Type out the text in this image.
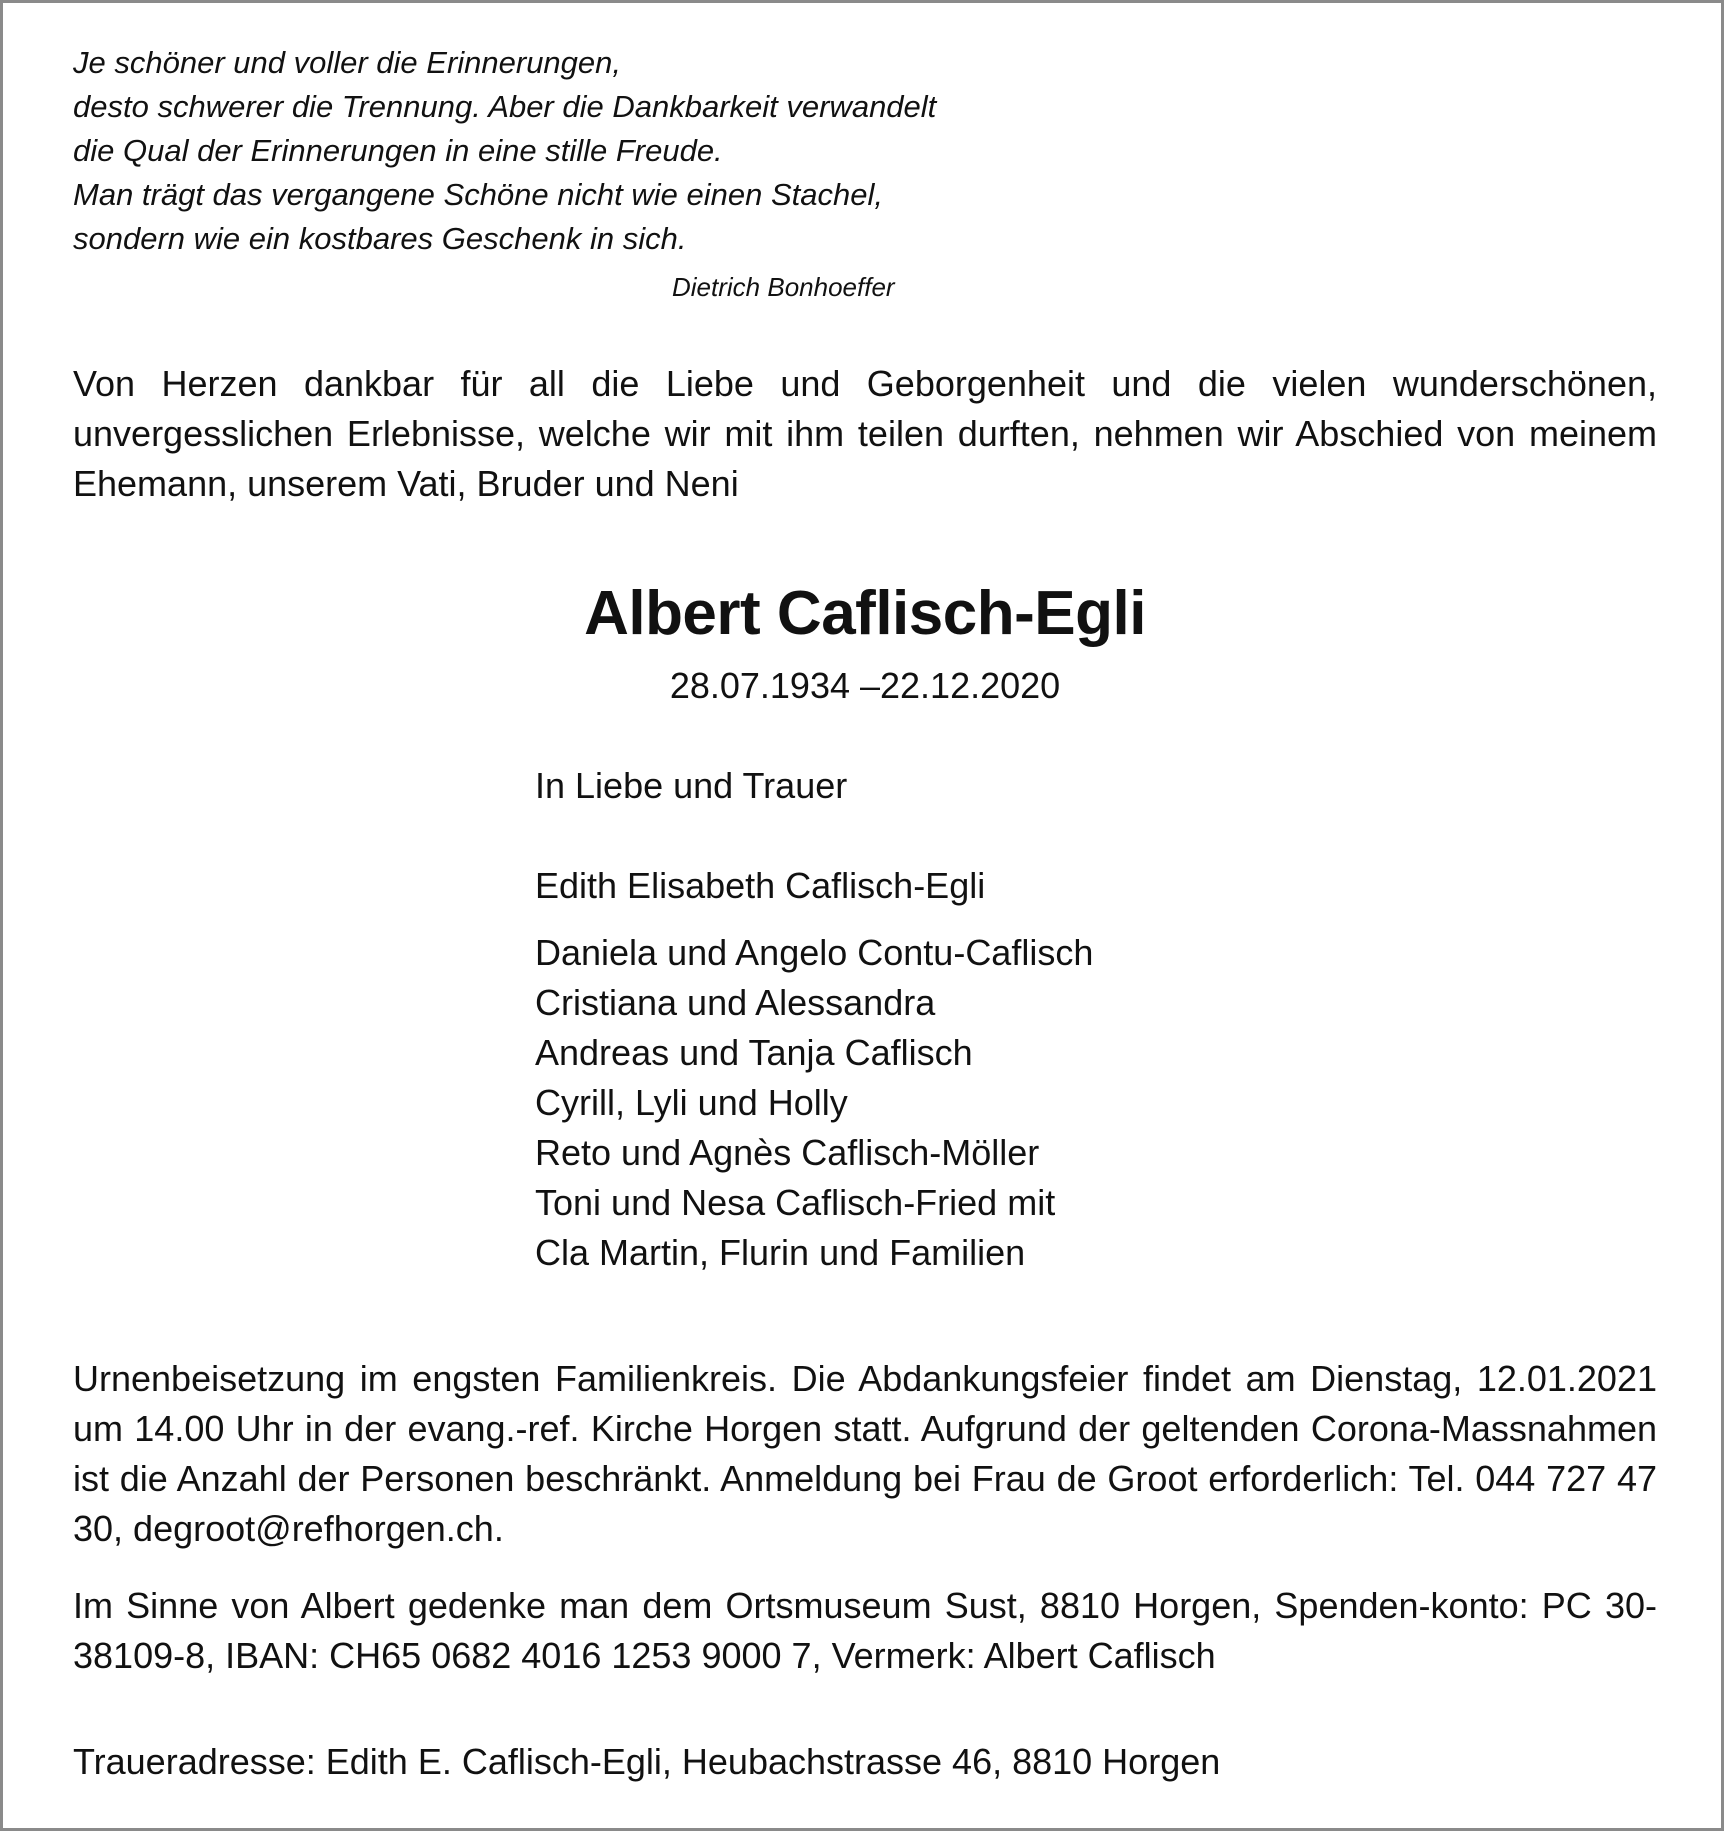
Je schöner und voller die Erinnerungen,
desto schwerer die Trennung. Aber die Dankbarkeit verwandelt
die Qual der Erinnerungen in eine stille Freude.
Man trägt das vergangene Schöne nicht wie einen Stachel,
sondern wie ein kostbares Geschenk in sich.
Dietrich Bonhoeffer
Von Herzen dankbar für all die Liebe und Geborgenheit und die vielen wunderschönen, unvergesslichen Erlebnisse, welche wir mit ihm teilen durften, nehmen wir Abschied von meinem Ehemann, unserem Vati, Bruder und Neni
Albert Caflisch-Egli
28.07.1934 –22.12.2020
In Liebe und Trauer
Edith Elisabeth Caflisch-Egli
Daniela und Angelo Contu-Caflisch
Cristiana und Alessandra
Andreas und Tanja Caflisch
Cyrill, Lyli und Holly
Reto und Agnès Caflisch-Möller
Toni und Nesa Caflisch-Fried mit
Cla Martin, Flurin und Familien
Urnenbeisetzung im engsten Familienkreis. Die Abdankungsfeier findet am Dienstag, 12.01.2021 um 14.00 Uhr in der evang.-ref. Kirche Horgen statt. Aufgrund der geltenden Corona-Massnahmen ist die Anzahl der Personen beschränkt. Anmeldung bei Frau de Groot erforderlich: Tel. 044 727 47 30, degroot@refhorgen.ch.
Im Sinne von Albert gedenke man dem Ortsmuseum Sust, 8810 Horgen, Spenden-konto: PC 30-38109-8, IBAN: CH65 0682 4016 1253 9000 7, Vermerk: Albert Caflisch
Traueradresse: Edith E. Caflisch-Egli, Heubachstrasse 46, 8810 Horgen
